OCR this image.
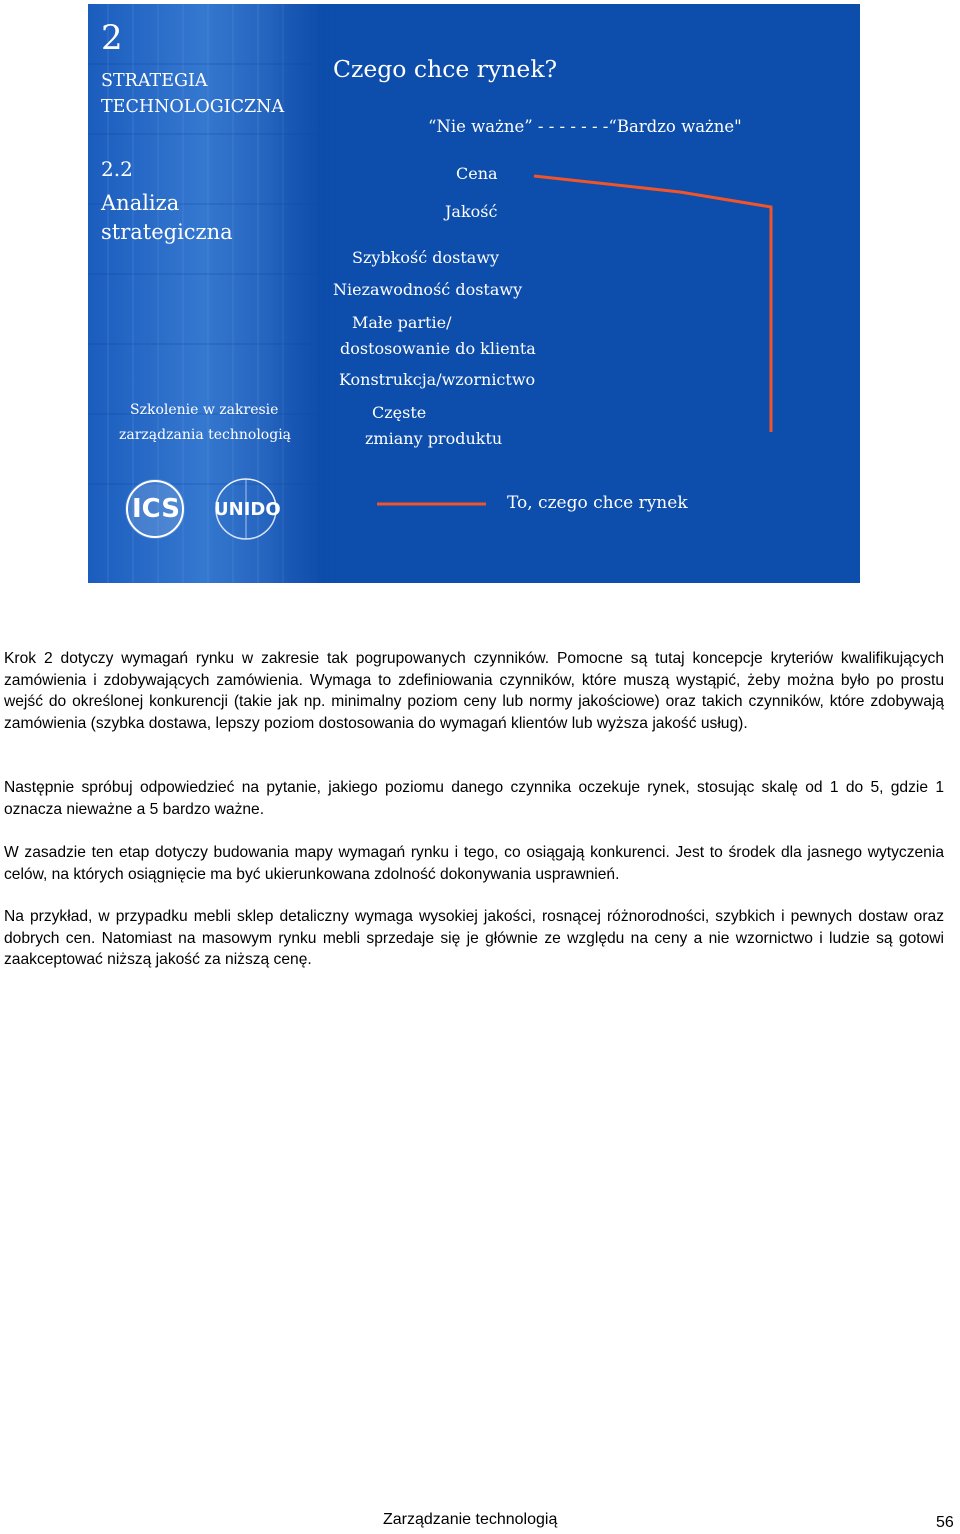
2
STRATEGIA
TECHNOLOGICZNA
2.2
Analiza
strategiczna
Szkolenie w zakresie
zarządzania technologią
ICS UNIDO
Czego chce rynek?
“Nie ważne” - - - - - - -“Bardzo ważne"
Cena
Jakość
Szybkość dostawy
Niezawodność dostawy
Małe partie/
dostosowanie do klienta
Konstrukcja/wzornictwo
Częste
zmiany produktu
To, czego chce rynek

Krok 2 dotyczy wymagań rynku w zakresie tak pogrupowanych czynników. Pomocne są tutaj koncepcje kryteriów kwalifikujących zamówienia i zdobywających zamówienia. Wymaga to zdefiniowania czynników, które muszą wystąpić, żeby można było po prostu wejść do określonej konkurencji (takie jak np. minimalny poziom ceny lub normy jakościowe) oraz takich czynników, które zdobywają zamówienia (szybka dostawa, lepszy poziom dostosowania do wymagań klientów lub wyższa jakość usług).

Następnie spróbuj odpowiedzieć na pytanie, jakiego poziomu danego czynnika oczekuje rynek, stosując skalę od 1 do 5, gdzie 1 oznacza nieważne a 5 bardzo ważne.

W zasadzie ten etap dotyczy budowania mapy wymagań rynku i tego, co osiągają konkurenci. Jest to środek dla jasnego wytyczenia celów, na których osiągnięcie ma być ukierunkowana zdolność dokonywania usprawnień.

Na przykład, w przypadku mebli sklep detaliczny wymaga wysokiej jakości, rosnącej różnorodności, szybkich i pewnych dostaw oraz dobrych cen. Natomiast na masowym rynku mebli sprzedaje się je głównie ze względu na ceny a nie wzornictwo i ludzie są gotowi zaakceptować niższą jakość za niższą cenę.

Zarządzanie technologią	56
